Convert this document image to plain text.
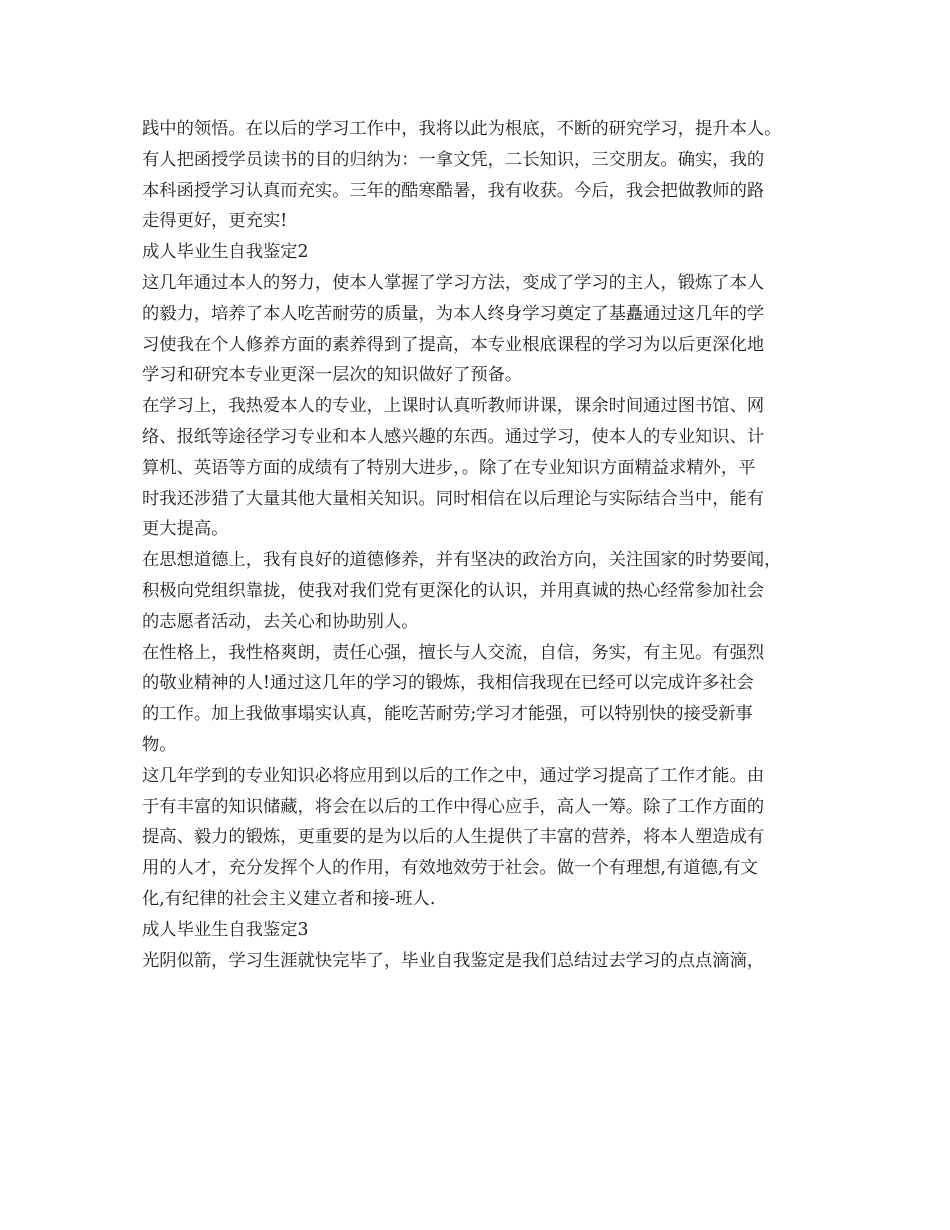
践中的领悟。在以后的学习工作中，我将以此为根底，不断的研究学习，提升本人。
有人把函授学员读书的目的归纳为：一拿文凭，二长知识，三交朋友。确实，我的
本科函授学习认真而充实。三年的酷寒酷暑，我有收获。今后，我会把做教师的路
走得更好，更充实!
成人毕业生自我鉴定2
这几年通过本人的努力，使本人掌握了学习方法，变成了学习的主人，锻炼了本人
的毅力，培养了本人吃苦耐劳的质量，为本人终身学习奠定了基矗通过这几年的学
习使我在个人修养方面的素养得到了提高，本专业根底课程的学习为以后更深化地
学习和研究本专业更深一层次的知识做好了预备。
在学习上，我热爱本人的专业，上课时认真听教师讲课，课余时间通过图书馆、网
络、报纸等途径学习专业和本人感兴趣的东西。通过学习，使本人的专业知识、计
算机、英语等方面的成绩有了特别大进步，。除了在专业知识方面精益求精外，平
时我还涉猎了大量其他大量相关知识。同时相信在以后理论与实际结合当中，能有
更大提高。
在思想道德上，我有良好的道德修养，并有坚决的政治方向，关注国家的时势要闻，
积极向党组织靠拢，使我对我们党有更深化的认识，并用真诚的热心经常参加社会
的志愿者活动，去关心和协助别人。
在性格上，我性格爽朗，责任心强，擅长与人交流，自信，务实，有主见。有强烈
的敬业精神的人!通过这几年的学习的锻炼，我相信我现在已经可以完成许多社会
的工作。加上我做事塌实认真，能吃苦耐劳;学习才能强，可以特别快的接受新事
物。
这几年学到的专业知识必将应用到以后的工作之中，通过学习提高了工作才能。由
于有丰富的知识储藏，将会在以后的工作中得心应手，高人一筹。除了工作方面的
提高、毅力的锻炼，更重要的是为以后的人生提供了丰富的营养，将本人塑造成有
用的人才，充分发挥个人的作用，有效地效劳于社会。做一个有理想,有道德,有文
化,有纪律的社会主义建立者和接-班人.
成人毕业生自我鉴定3
光阴似箭，学习生涯就快完毕了，毕业自我鉴定是我们总结过去学习的点点滴滴，
